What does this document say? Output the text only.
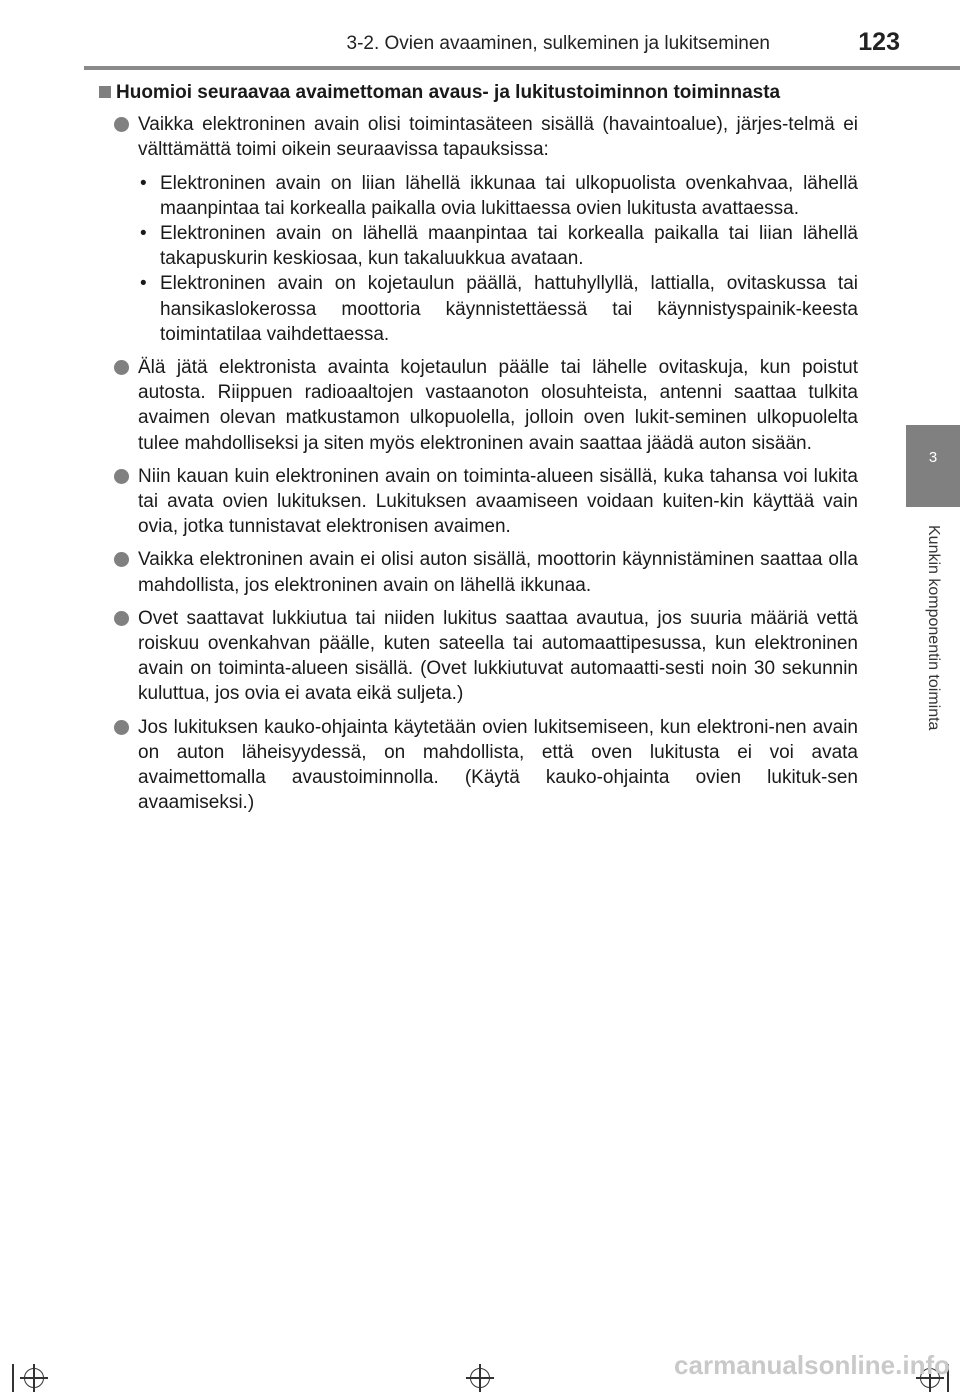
3-2. Ovien avaaminen, sulkeminen ja lukitseminen	123
3
Kunkin komponentin toiminta
Huomioi seuraavaa avaimettoman avaus- ja lukitustoiminnon toiminnasta
Vaikka elektroninen avain olisi toimintasäteen sisällä (havaintoalue), järjes-telmä ei välttämättä toimi oikein seuraavissa tapauksissa:
• Elektroninen avain on liian lähellä ikkunaa tai ulkopuolista ovenkahvaa, lähellä maanpintaa tai korkealla paikalla ovia lukittaessa ovien lukitusta avattaessa.
• Elektroninen avain on lähellä maanpintaa tai korkealla paikalla tai liian lähellä takapuskurin keskiosaa, kun takaluukkua avataan.
• Elektroninen avain on kojetaulun päällä, hattuhyllyllä, lattialla, ovitaskussa tai hansikaslokerossa moottoria käynnistettäessä tai käynnistyspainik-keesta toimintatilaa vaihdettaessa.
Älä jätä elektronista avainta kojetaulun päälle tai lähelle ovitaskuja, kun poistut autosta. Riippuen radioaaltojen vastaanoton olosuhteista, antenni saattaa tulkita avaimen olevan matkustamon ulkopuolella, jolloin oven lukit-seminen ulkopuolelta tulee mahdolliseksi ja siten myös elektroninen avain saattaa jäädä auton sisään.
Niin kauan kuin elektroninen avain on toiminta-alueen sisällä, kuka tahansa voi lukita tai avata ovien lukituksen. Lukituksen avaamiseen voidaan kuiten-kin käyttää vain ovia, jotka tunnistavat elektronisen avaimen.
Vaikka elektroninen avain ei olisi auton sisällä, moottorin käynnistäminen saattaa olla mahdollista, jos elektroninen avain on lähellä ikkunaa.
Ovet saattavat lukkiutua tai niiden lukitus saattaa avautua, jos suuria määriä vettä roiskuu ovenkahvan päälle, kuten sateella tai automaattipesussa, kun elektroninen avain on toiminta-alueen sisällä. (Ovet lukkiutuvat automaatti-sesti noin 30 sekunnin kuluttua, jos ovia ei avata eikä suljeta.)
Jos lukituksen kauko-ohjainta käytetään ovien lukitsemiseen, kun elektroni-nen avain on auton läheisyydessä, on mahdollista, että oven lukitusta ei voi avata avaimettomalla avaustoiminnolla. (Käytä kauko-ohjainta ovien lukituk-sen avaamiseksi.)
carmanualsonline.info
